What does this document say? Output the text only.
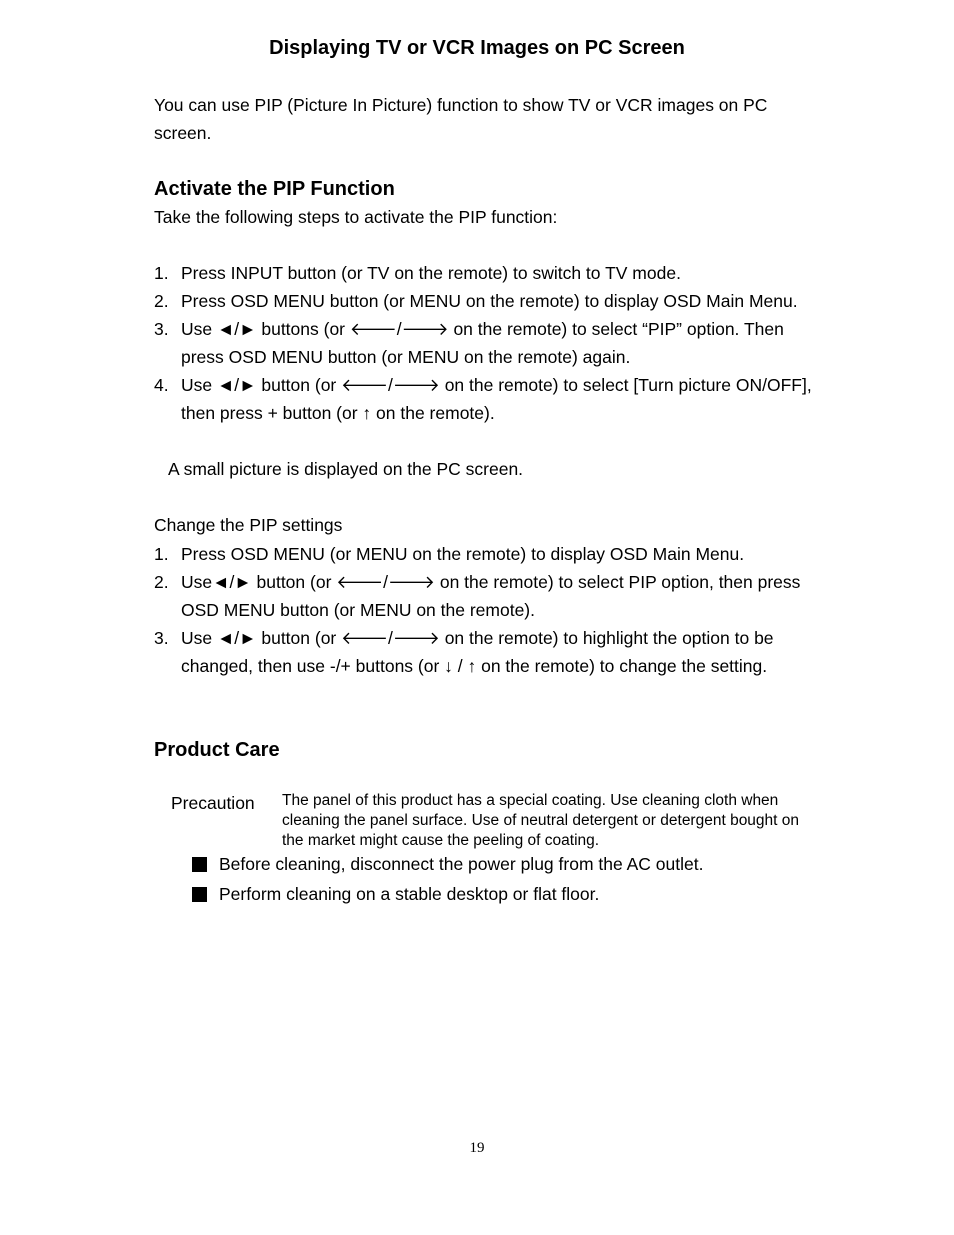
Displaying TV or VCR Images on PC Screen
You can use PIP (Picture In Picture) function to show TV or VCR images on PC screen.
Activate the PIP Function
Take the following steps to activate the PIP function:
1. Press INPUT button (or TV on the remote) to switch to TV mode.
2. Press OSD MENU button (or MENU on the remote) to display OSD Main Menu.
3. Use ◄/► buttons (or 🡐/🡒 on the remote) to select “PIP” option. Then press OSD MENU button (or MENU on the remote) again.
4. Use ◄/► button (or 🡐/🡒 on the remote) to select [Turn picture ON/OFF], then press + button (or ↑ on the remote).
A small picture is displayed on the PC screen.
Change the PIP settings
1. Press OSD MENU (or MENU on the remote) to display OSD Main Menu.
2. Use◄/► button (or 🡐/🡒 on the remote) to select PIP option, then press OSD MENU button (or MENU on the remote).
3. Use ◄/► button (or 🡐/🡒 on the remote) to highlight the option to be changed, then use -/+ buttons (or ↓ / ↑ on the remote) to change the setting.
Product Care
Precaution The panel of this product has a special coating. Use cleaning cloth when cleaning the panel surface. Use of neutral detergent or detergent bought on the market might cause the peeling of coating.
Before cleaning, disconnect the power plug from the AC outlet.
Perform cleaning on a stable desktop or flat floor.
19
